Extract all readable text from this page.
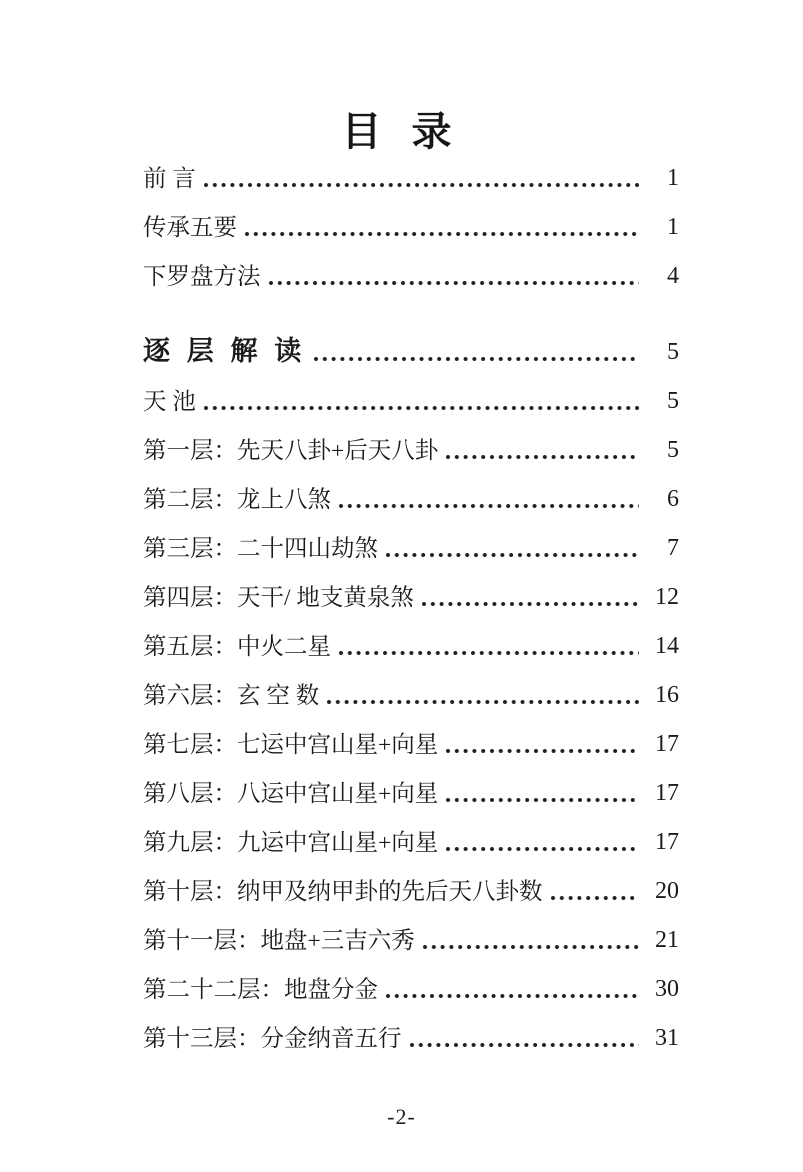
目 录
前 言	1
传承五要	1
下罗盘方法	4
逐 层 解 读	5
天 池	5
第一层：先天八卦+后天八卦	5
第二层：龙上八煞	6
第三层：二十四山劫煞	7
第四层：天干/ 地支黄泉煞	12
第五层：中火二星	14
第六层：玄 空 数	16
第七层：七运中宫山星+向星	17
第八层：八运中宫山星+向星	17
第九层：九运中宫山星+向星	17
第十层：纳甲及纳甲卦的先后天八卦数	20
第十一层：地盘+三吉六秀	21
第二十二层：地盘分金	30
第十三层：分金纳音五行	31
-2-
